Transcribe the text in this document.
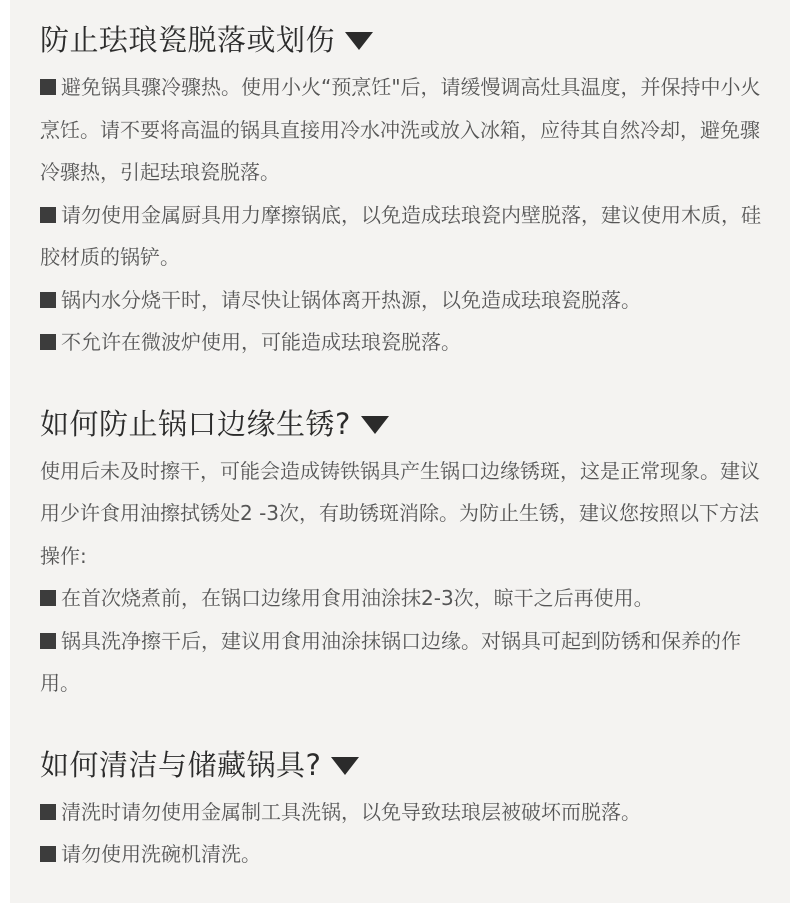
防止珐琅瓷脱落或划伤

避免锅具骤冷骤热。使用小火“预烹饪"后，请缓慢调高灶具温度，并保持中小火烹饪。请不要将高温的锅具直接用冷水冲洗或放入冰箱，应待其自然冷却，避免骤冷骤热，引起珐琅瓷脱落。

请勿使用金属厨具用力摩擦锅底，以免造成珐琅瓷内壁脱落，建议使用木质，硅胶材质的锅铲。

锅内水分烧干时，请尽快让锅体离开热源，以免造成珐琅瓷脱落。

不允许在微波炉使用，可能造成珐琅瓷脱落。

如何防止锅口边缘生锈?

使用后未及时擦干，可能会造成铸铁锅具产生锅口边缘锈斑，这是正常现象。建议用少许食用油擦拭锈处2 -3次，有助锈斑消除。为防止生锈，建议您按照以下方法操作:

在首次烧煮前，在锅口边缘用食用油涂抹2-3次，晾干之后再使用。

锅具洗净擦干后，建议用食用油涂抹锅口边缘。对锅具可起到防锈和保养的作用。

如何清洁与储藏锅具?

清洗时请勿使用金属制工具洗锅，以免导致珐琅层被破坏而脱落。

请勿使用洗碗机清洗。
